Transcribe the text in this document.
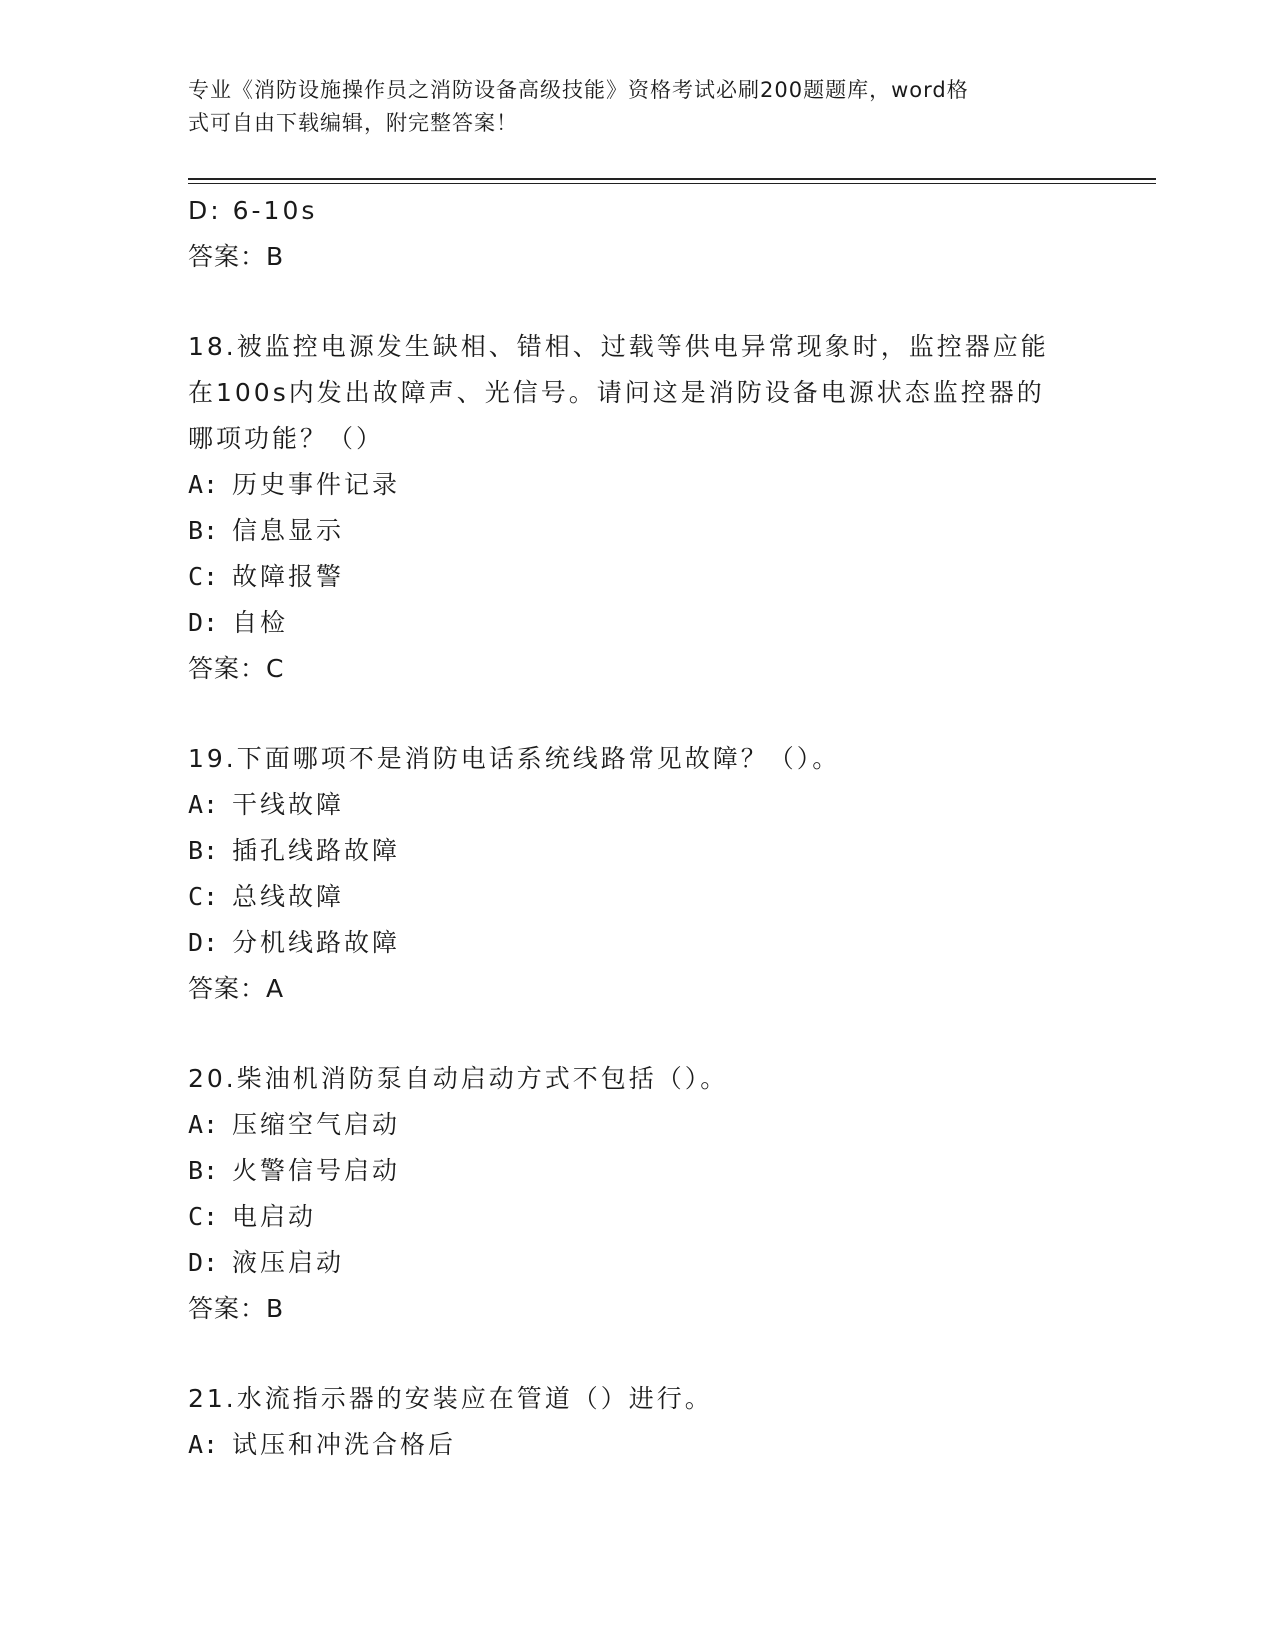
专业《消防设施操作员之消防设备高级技能》资格考试必刷200题题库，word格
式可自由下载编辑，附完整答案！
D: 6-10s
答案：B
18.被监控电源发生缺相、错相、过载等供电异常现象时，监控器应能
在100s内发出故障声、光信号。请问这是消防设备电源状态监控器的
哪项功能？（）
A: 历史事件记录
B: 信息显示
C: 故障报警
D: 自检
答案：C
19.下面哪项不是消防电话系统线路常见故障？（）。
A: 干线故障
B: 插孔线路故障
C: 总线故障
D: 分机线路故障
答案：A
20.柴油机消防泵自动启动方式不包括（）。
A: 压缩空气启动
B: 火警信号启动
C: 电启动
D: 液压启动
答案：B
21.水流指示器的安装应在管道（）进行。
A: 试压和冲洗合格后
